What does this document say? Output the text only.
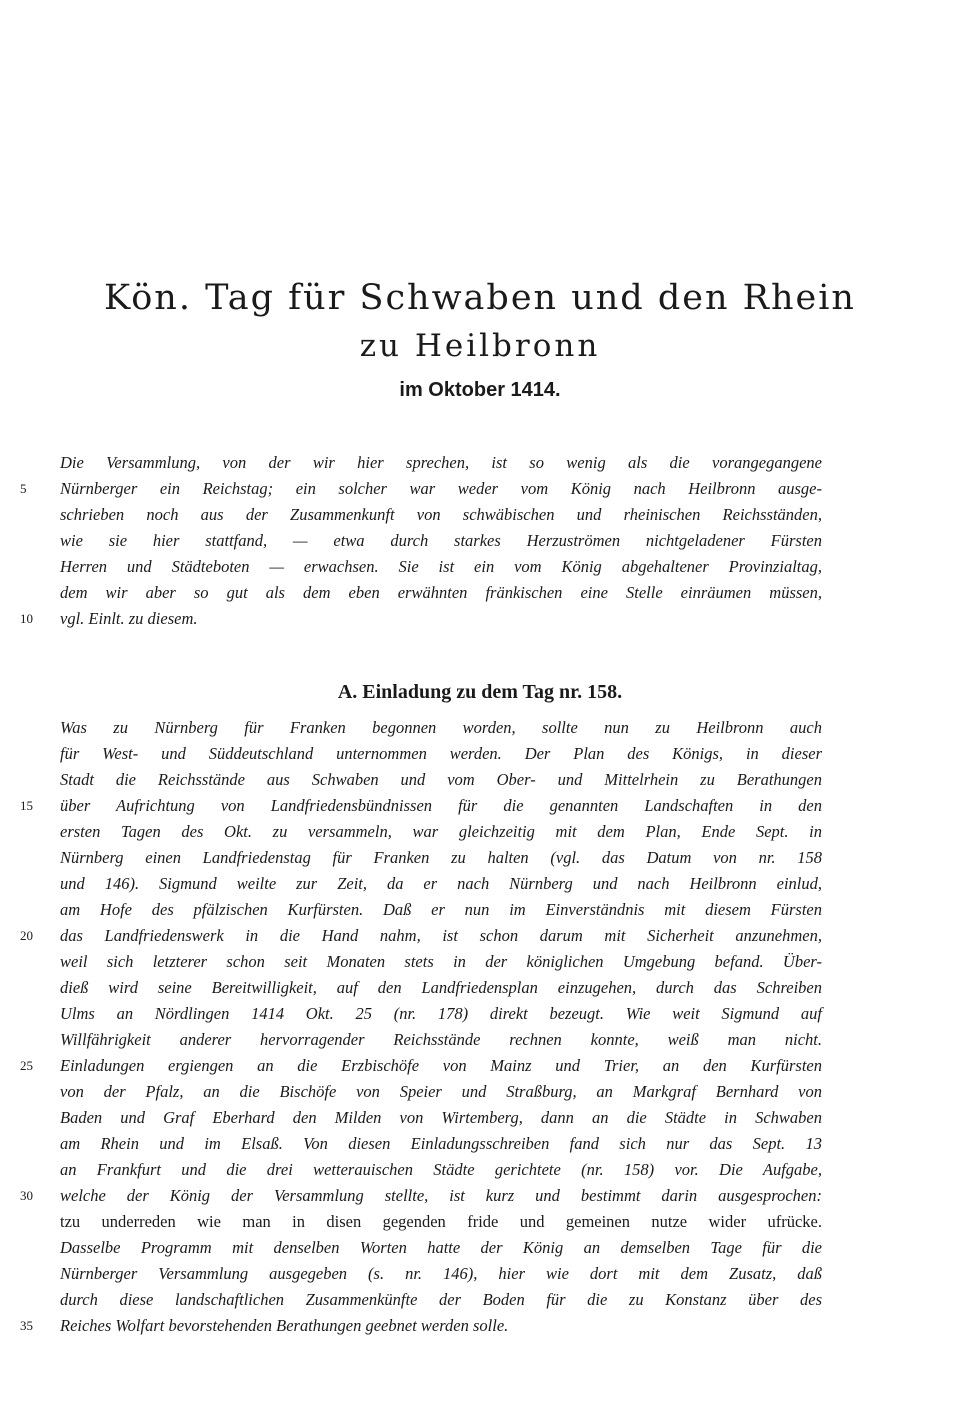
Kön. Tag für Schwaben und den Rhein
zu Heilbronn
im Oktober 1414.
Die Versammlung, von der wir hier sprechen, ist so wenig als die vorangegangene
Nürnberger ein Reichstag; ein solcher war weder vom König nach Heilbronn ausge-
schrieben noch aus der Zusammenkunft von schwäbischen und rheinischen Reichsständen,
wie sie hier stattfand, — etwa durch starkes Herzuströmen nichtgeladener Fürsten
Herren und Städteboten — erwachsen. Sie ist ein vom König abgehaltener Provinzialtag,
dem wir aber so gut als dem eben erwähnten fränkischen eine Stelle einräumen müssen,
vgl. Einlt. zu diesem.
A. Einladung zu dem Tag nr. 158.
Was zu Nürnberg für Franken begonnen worden, sollte nun zu Heilbronn auch
für West- und Süddeutschland unternommen werden. Der Plan des Königs, in dieser
Stadt die Reichsstände aus Schwaben und vom Ober- und Mittelrhein zu Berathungen
über Aufrichtung von Landfriedensbündnissen für die genannten Landschaften in den
ersten Tagen des Okt. zu versammeln, war gleichzeitig mit dem Plan, Ende Sept. in
Nürnberg einen Landfriedenstag für Franken zu halten (vgl. das Datum von nr. 158
und 146). Sigmund weilte zur Zeit, da er nach Nürnberg und nach Heilbronn einlud,
am Hofe des pfälzischen Kurfürsten. Daß er nun im Einverständnis mit diesem Fürsten
das Landfriedenswerk in die Hand nahm, ist schon darum mit Sicherheit anzunehmen,
weil sich letzterer schon seit Monaten stets in der königlichen Umgebung befand. Über-
dieß wird seine Bereitwilligkeit, auf den Landfriedensplan einzugehen, durch das Schreiben
Ulms an Nördlingen 1414 Okt. 25 (nr. 178) direkt bezeugt. Wie weit Sigmund auf
Willfährigkeit anderer hervorragender Reichsstände rechnen konnte, weiß man nicht.
Einladungen ergiengen an die Erzbischöfe von Mainz und Trier, an den Kurfürsten
von der Pfalz, an die Bischöfe von Speier und Straßburg, an Markgraf Bernhard von
Baden und Graf Eberhard den Milden von Wirtemberg, dann an die Städte in Schwaben
am Rhein und im Elsaß. Von diesen Einladungsschreiben fand sich nur das Sept. 13
an Frankfurt und die drei wetterauischen Städte gerichtete (nr. 158) vor. Die Aufgabe,
welche der König der Versammlung stellte, ist kurz und bestimmt darin ausgesprochen:
tzu underreden wie man in disen gegenden fride und gemeinen nutze wider ufrücke.
Dasselbe Programm mit denselben Worten hatte der König an demselben Tage für die
Nürnberger Versammlung ausgegeben (s. nr. 146), hier wie dort mit dem Zusatz, daß
durch diese landschaftlichen Zusammenkünfte der Boden für die zu Konstanz über des
Reiches Wolfart bevorstehenden Berathungen geebnet werden solle.
5
10
15
20
25
30
35
